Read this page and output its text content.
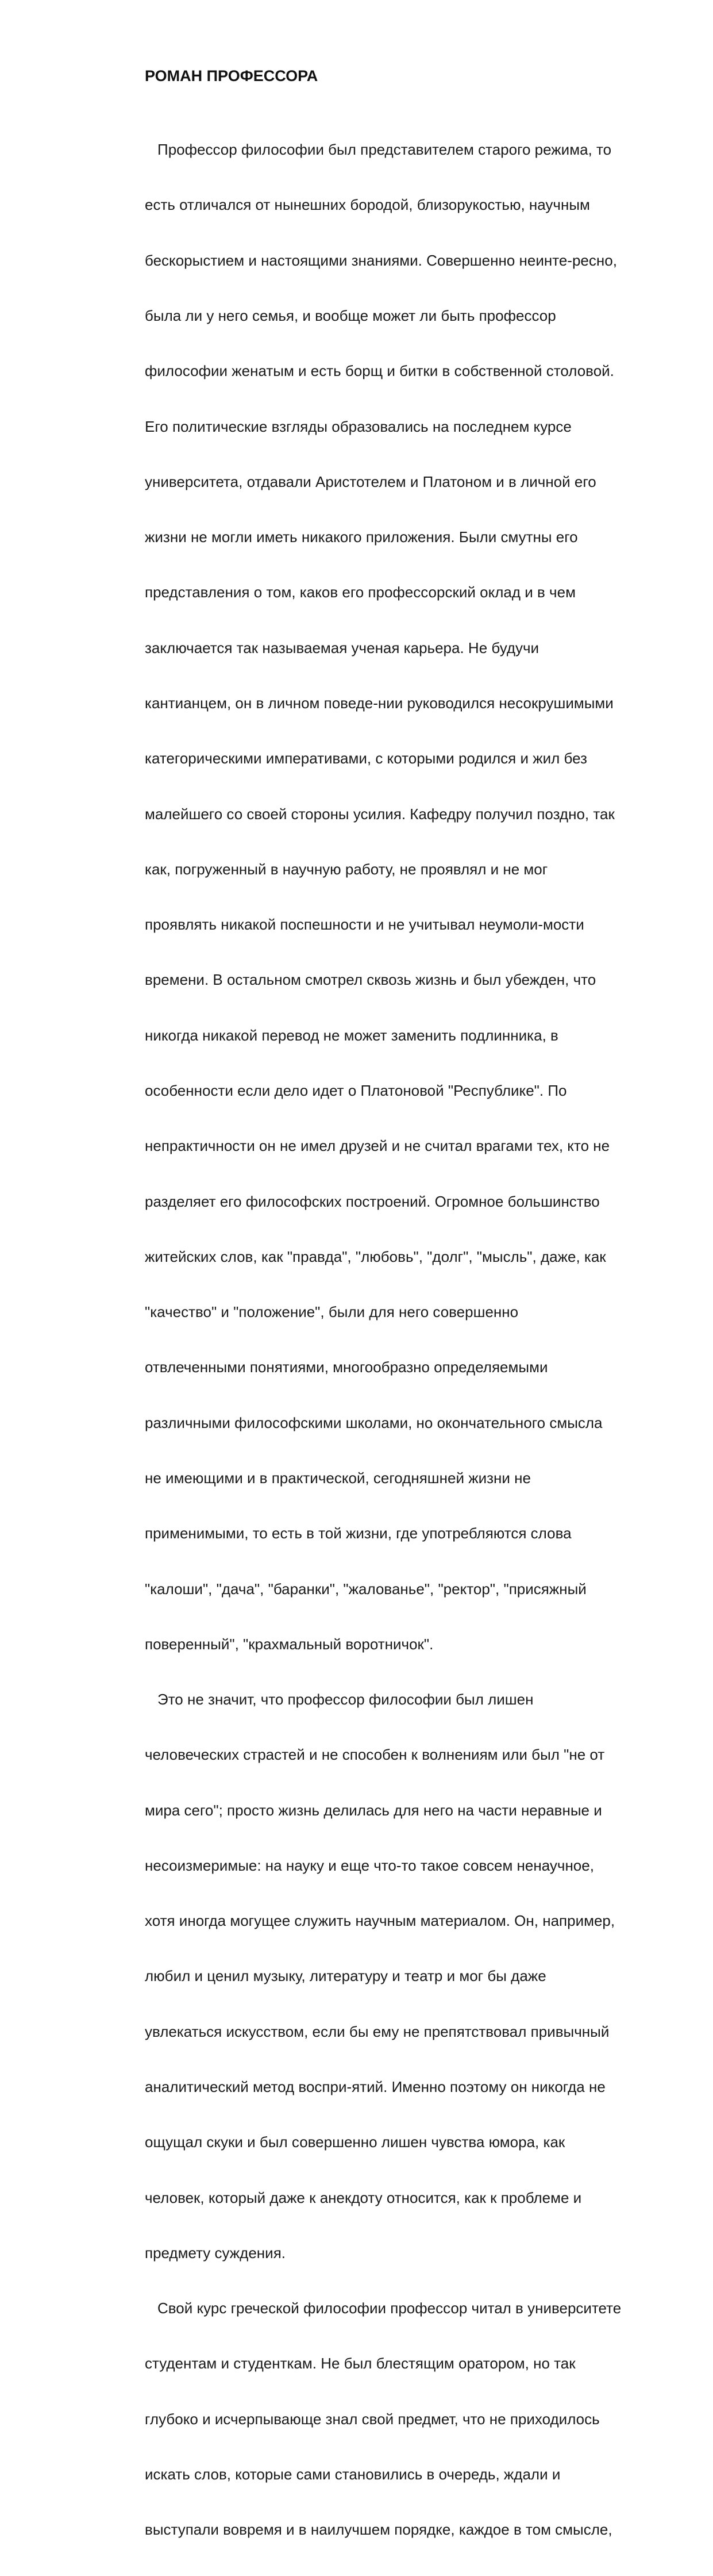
РОМАН ПРОФЕССОРА

Профессор философии был представителем старого режима, то

есть отличался от нынешних бородой, близорукостью, научным

бескорыстием и настоящими знаниями. Совершенно неинте-ресно,

была ли у него семья, и вообще может ли быть профессор

философии женатым и есть борщ и битки в собственной столовой.

Его политические взгляды образовались на последнем курсе

университета, отдавали Аристотелем и Платоном и в личной его

жизни не могли иметь никакого приложения. Были смутны его

представления о том, каков его профессорский оклад и в чем

заключается так называемая ученая карьера. Не будучи

кантианцем, он в личном поведе-нии руководился несокрушимыми

категорическими императивами, с которыми родился и жил без

малейшего со своей стороны усилия. Кафедру получил поздно, так

как, погруженный в научную работу, не проявлял и не мог

проявлять никакой поспешности и не учитывал неумоли-мости

времени. В остальном смотрел сквозь жизнь и был убежден, что

никогда никакой перевод не может заменить подлинника, в

особенности если дело идет о Платоновой "Республике". По

непрактичности он не имел друзей и не считал врагами тех, кто не

разделяет его философских построений. Огромное большинство

житейских слов, как "правда", "любовь", "долг", "мысль", даже, как

"качество" и "положение", были для него совершенно

отвлеченными понятиями, многообразно определяемыми

различными философскими школами, но окончательного смысла

не имеющими и в практической, сегодняшней жизни не

применимыми, то есть в той жизни, где употребляются слова

"калоши", "дача", "баранки", "жалованье", "ректор", "присяжный

поверенный", "крахмальный воротничок".

Это не значит, что профессор философии был лишен

человеческих страстей и не способен к волнениям или был "не от

мира сего"; просто жизнь делилась для него на части неравные и

несоизмеримые: на науку и еще что-то такое совсем ненаучное,

хотя иногда могущее служить научным материалом. Он, например,

любил и ценил музыку, литературу и театр и мог бы даже

увлекаться искусством, если бы ему не препятствовал привычный

аналитический метод воспри-ятий. Именно поэтому он никогда не

ощущал скуки и был совершенно лишен чувства юмора, как

человек, который даже к анекдоту относится, как к проблеме и

предмету суждения.

Свой курс греческой философии профессор читал в университете

студентам и студенткам. Не был блестящим оратором, но так

глубоко и исчерпывающе знал свой предмет, что не приходилось

искать слов, которые сами становились в очередь, ждали и

выступали вовремя и в наилучшем порядке, каждое в том смысле,
